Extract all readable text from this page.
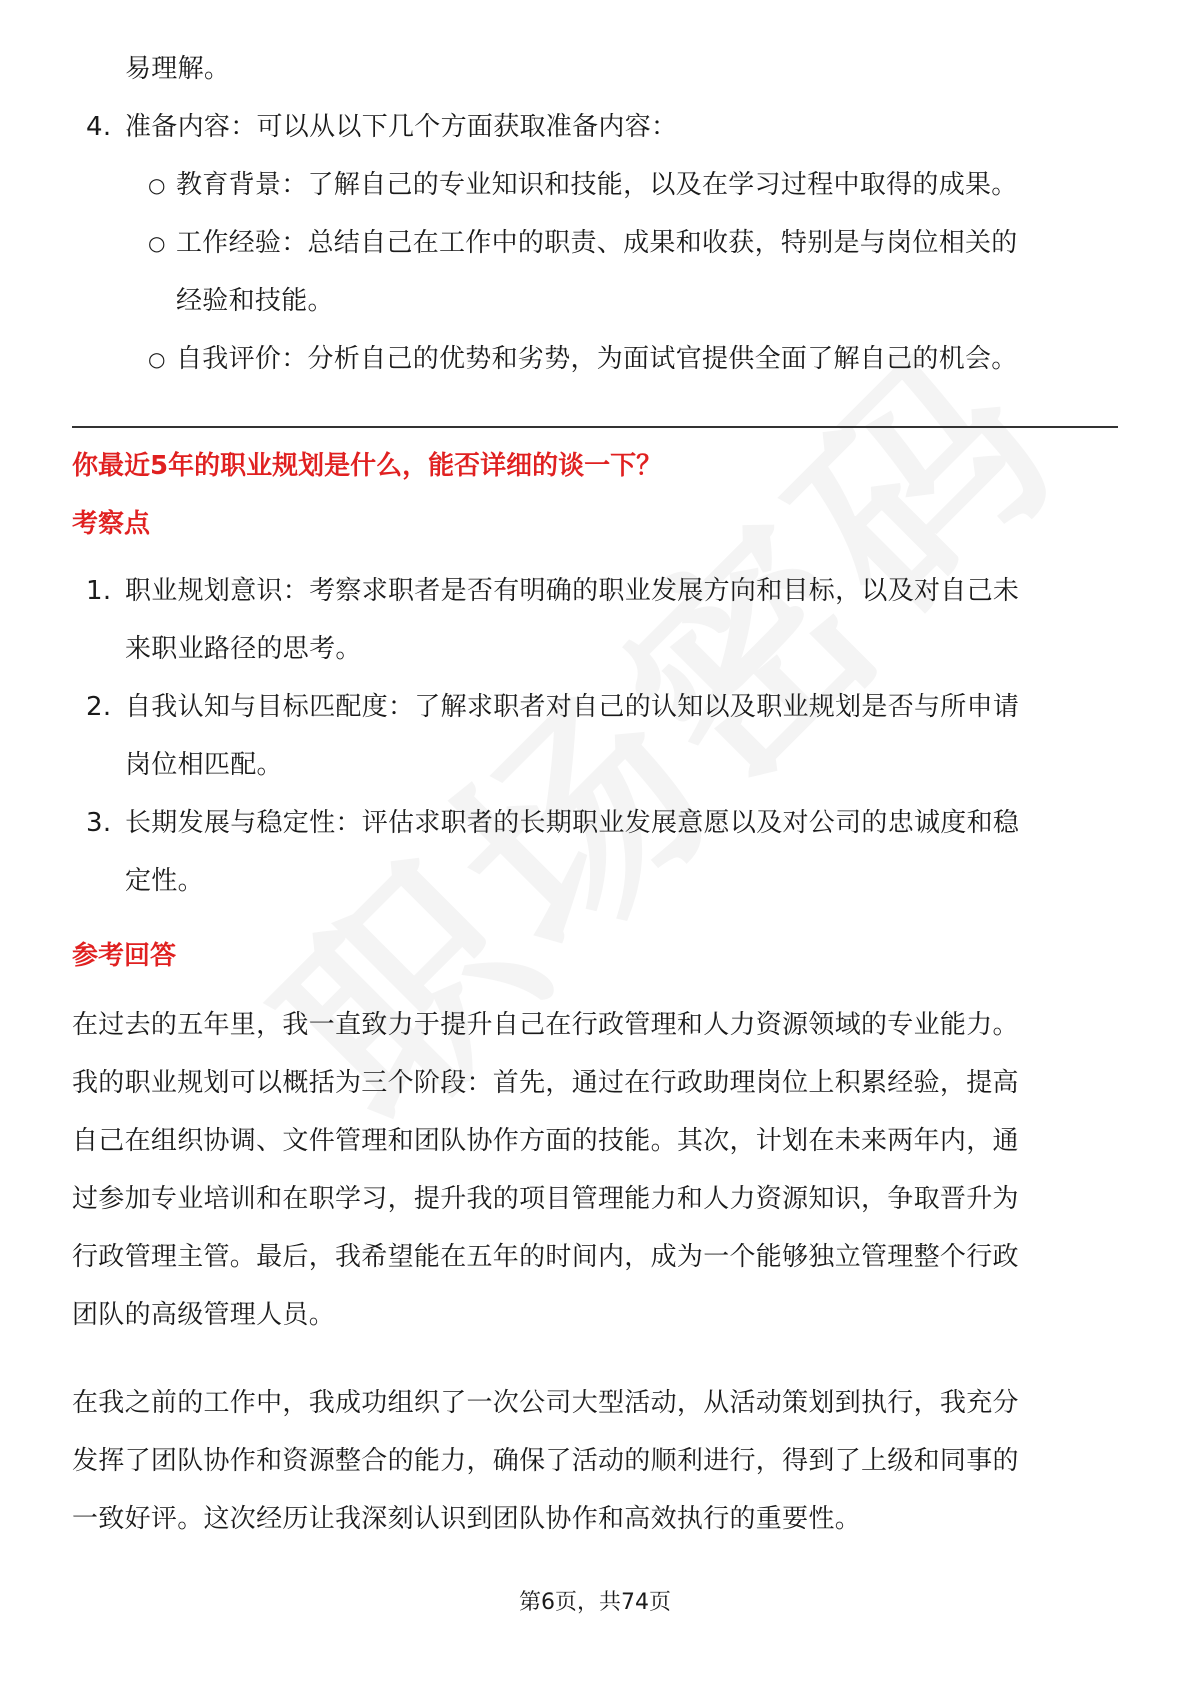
易理解。
4. 准备内容：可以从以下几个方面获取准备内容：
○ 教育背景：了解自己的专业知识和技能，以及在学习过程中取得的成果。
○ 工作经验：总结自己在工作中的职责、成果和收获，特别是与岗位相关的
经验和技能。
○ 自我评价：分析自己的优势和劣势，为面试官提供全面了解自己的机会。
你最近5年的职业规划是什么，能否详细的谈一下？
考察点
1. 职业规划意识：考察求职者是否有明确的职业发展方向和目标，以及对自己未
来职业路径的思考。
2. 自我认知与目标匹配度：了解求职者对自己的认知以及职业规划是否与所申请
岗位相匹配。
3. 长期发展与稳定性：评估求职者的长期职业发展意愿以及对公司的忠诚度和稳
定性。
参考回答
在过去的五年里，我一直致力于提升自己在行政管理和人力资源领域的专业能力。
我的职业规划可以概括为三个阶段：首先，通过在行政助理岗位上积累经验，提高
自己在组织协调、文件管理和团队协作方面的技能。其次，计划在未来两年内，通
过参加专业培训和在职学习，提升我的项目管理能力和人力资源知识，争取晋升为
行政管理主管。最后，我希望能在五年的时间内，成为一个能够独立管理整个行政
团队的高级管理人员。
在我之前的工作中，我成功组织了一次公司大型活动，从活动策划到执行，我充分
发挥了团队协作和资源整合的能力，确保了活动的顺利进行，得到了上级和同事的
一致好评。这次经历让我深刻认识到团队协作和高效执行的重要性。
第6页，共74页
